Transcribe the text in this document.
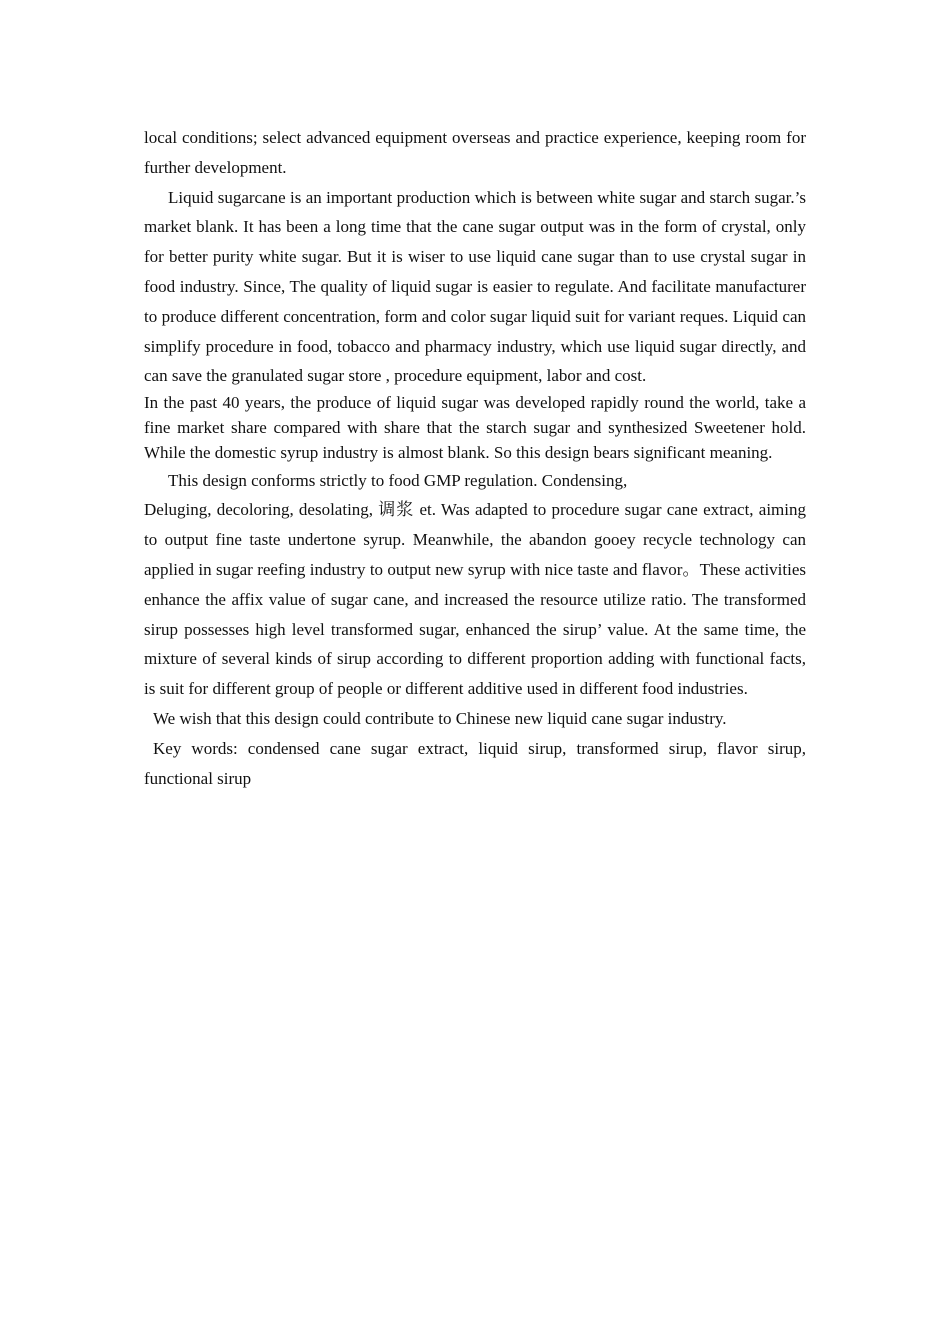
local conditions; select advanced equipment overseas and practice experience, keeping room for further development.

Liquid sugarcane is an important production which is between white sugar and starch sugar.’s market blank. It has been a long time that the cane sugar output was in the form of crystal, only for better purity white sugar. But it is wiser to use liquid cane sugar than to use crystal sugar in food industry. Since, The quality of liquid sugar is easier to regulate. And facilitate manufacturer to produce different concentration, form and color sugar liquid suit for variant reques. Liquid can simplify procedure in food, tobacco and pharmacy industry, which use liquid sugar directly, and can save the granulated sugar store , procedure equipment, labor and cost.

In the past 40 years, the produce of liquid sugar was developed rapidly round the world, take a fine market share compared with share that the starch sugar and synthesized Sweetener hold. While the domestic syrup industry is almost blank. So this design bears significant meaning.

This design conforms strictly to food GMP regulation. Condensing,

Deluging, decoloring, desolating, 调浆 et. Was adapted to procedure sugar cane extract, aiming to output fine taste undertone syrup. Meanwhile, the abandon gooey recycle technology can applied in sugar reefing industry to output new syrup with nice taste and flavor。These activities enhance the affix value of sugar cane, and increased the resource utilize ratio. The transformed sirup possesses high level transformed sugar, enhanced the sirup’ value. At the same time, the mixture of several kinds of sirup according to different proportion adding with functional facts, is suit for different group of people or different additive used in different food industries.

We wish that this design could contribute to Chinese new liquid cane sugar industry.

Key words: condensed cane sugar extract, liquid sirup, transformed sirup, flavor sirup, functional sirup
